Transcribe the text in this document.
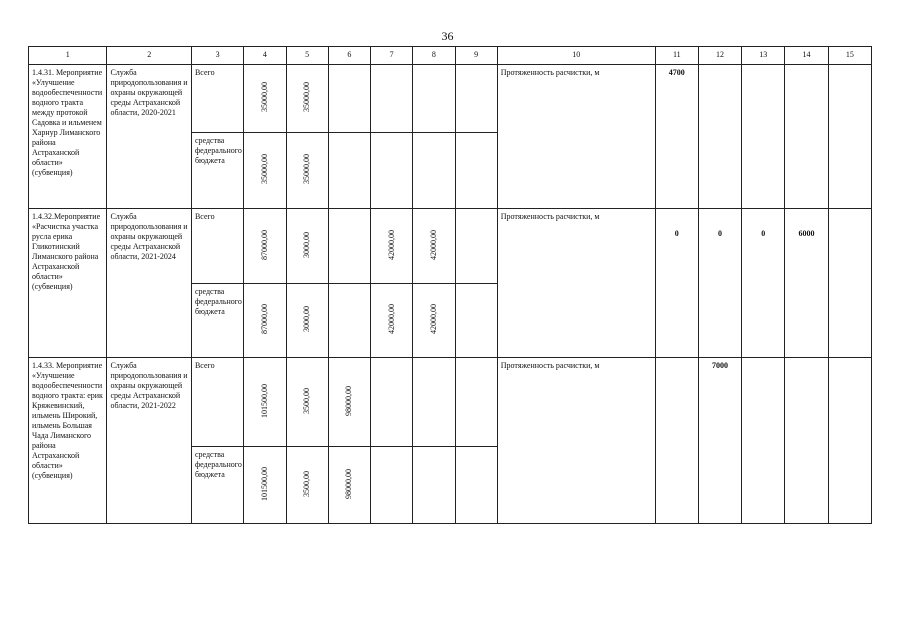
36
1	2	3	4	5	6	7	8	9	10	11	12	13	14	15
1.4.31. Мероприятие «Улучшение водообеспеченности водного тракта между протокой Садовка и ильменем Харнур Лиманского района Астраханской области» (субвенция)	Служба природопользования и охраны окружающей среды Астраханской области, 2020-2021	Всего	35000,00	35000,00					Протяженность расчистки, м	4700				
		средства федерального бюджета	35000,00	35000,00										
1.4.32.Мероприятие «Расчистка участка русла ерика Гликотинский Лиманского района Астраханской области» (субвенция)	Служба природопользования и охраны окружающей среды Астраханской области, 2021-2024	Всего	87000,00	3000,00		42000,00	42000,00		Протяженность расчистки, м	0	0	0	6000	
		средства федерального бюджета	87000,00	3000,00		42000,00	42000,00							
1.4.33. Мероприятие «Улучшение водообеспеченности водного тракта: ерик Кряжевинский, ильмень Широкий, ильмень Большая Чада Лиманского района Астраханской области» (субвенция)	Служба природопользования и охраны окружающей среды Астраханской области, 2021-2022	Всего	101500,00	3500,00	98000,00				Протяженность расчистки, м		7000			
		средства федерального бюджета	101500,00	3500,00	98000,00									
